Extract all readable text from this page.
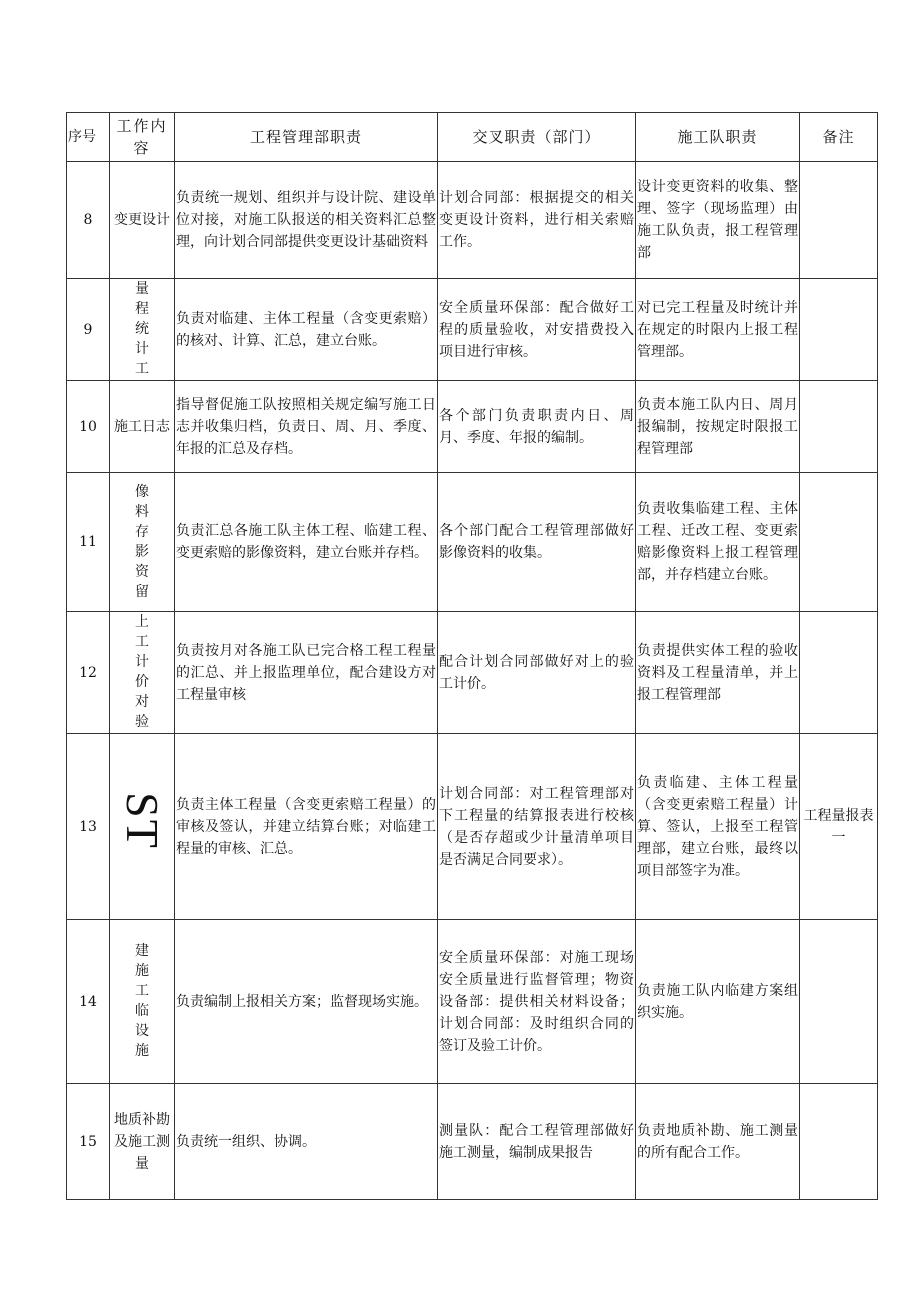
序号	工作内容	工程管理部职责	交叉职责（部门）	施工队职责	备注
8	变更设计	负责统一规划、组织并与设计院、建设单位对接，对施工队报送的相关资料汇总整理，向计划合同部提供变更设计基础资料	计划合同部：根据提交的相关变更设计资料，进行相关索赔工作。	设计变更资料的收集、整理、签字（现场监理）由施工队负责，报工程管理部	
9	量程统计工	负责对临建、主体工程量（含变更索赔）的核对、计算、汇总，建立台账。	安全质量环保部：配合做好工程的质量验收，对安措费投入项目进行审核。	对已完工程量及时统计并在规定的时限内上报工程管理部。	
10	施工日志	指导督促施工队按照相关规定编写施工日志并收集归档，负责日、周、月、季度、年报的汇总及存档。	各个部门负责职责内日、周月、季度、年报的编制。	负责本施工队内日、周月报编制，按规定时限报工程管理部	
11	像料存影资留	负责汇总各施工队主体工程、临建工程、变更索赔的影像资料，建立台账并存档。	各个部门配合工程管理部做好影像资料的收集。	负责收集临建工程、主体工程、迁改工程、变更索赔影像资料上报工程管理部，并存档建立台账。	
12	上工计价对验	负责按月对各施工队已完合格工程工程量的汇总、并上报监理单位，配合建设方对工程量审核	配合计划合同部做好对上的验工计价。	负责提供实体工程的验收资料及工程量清单，并上报工程管理部	
13	ST	负责主体工程量（含变更索赔工程量）的审核及签认，并建立结算台账；对临建工程量的审核、汇总。	计划合同部：对工程管理部对下工程量的结算报表进行校核（是否存超或少计量清单项目是否满足合同要求）。	负责临建、主体工程量（含变更索赔工程量）计算、签认，上报至工程管理部，建立台账，最终以项目部签字为准。	工程量报表一
14	建施工临设施	负责编制上报相关方案；监督现场实施。	安全质量环保部：对施工现场安全质量进行监督管理；物资设备部：提供相关材料设备；计划合同部：及时组织合同的签订及验工计价。	负责施工队内临建方案组织实施。	
15	地质补勘及施工测量	负责统一组织、协调。	测量队：配合工程管理部做好施工测量，编制成果报告	负责地质补勘、施工测量的所有配合工作。	
